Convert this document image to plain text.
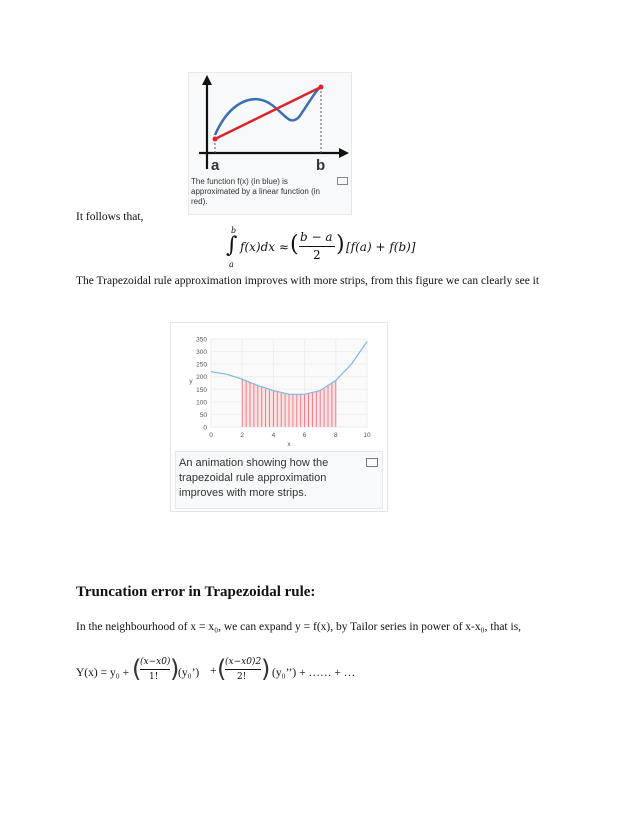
a	b
The function f(x) (in blue) is
approximated by a linear function (in
red).
It follows that,
b
∫
a
f(x)dx ≈ ( b − a
2 ) [f(a) + f(b)]
The Trapezoidal rule approximation improves with more strips, from this figure we can clearly see it
0
50
100
150
200
250
300
350
0	2	4	6	8	10
x
y
An animation showing how the
trapezoidal rule approximation
improves with more strips.
Truncation error in Trapezoidal rule:
In the neighbourhood of x = x₀, we can expand y = f(x), by Tailor series in power of x-x₀, that is,
Y(x) = y₀ + (
(x−x0)
1! )
(y₀’) + (
(x−x0)2
2! ) (y₀’’) + …… + …
